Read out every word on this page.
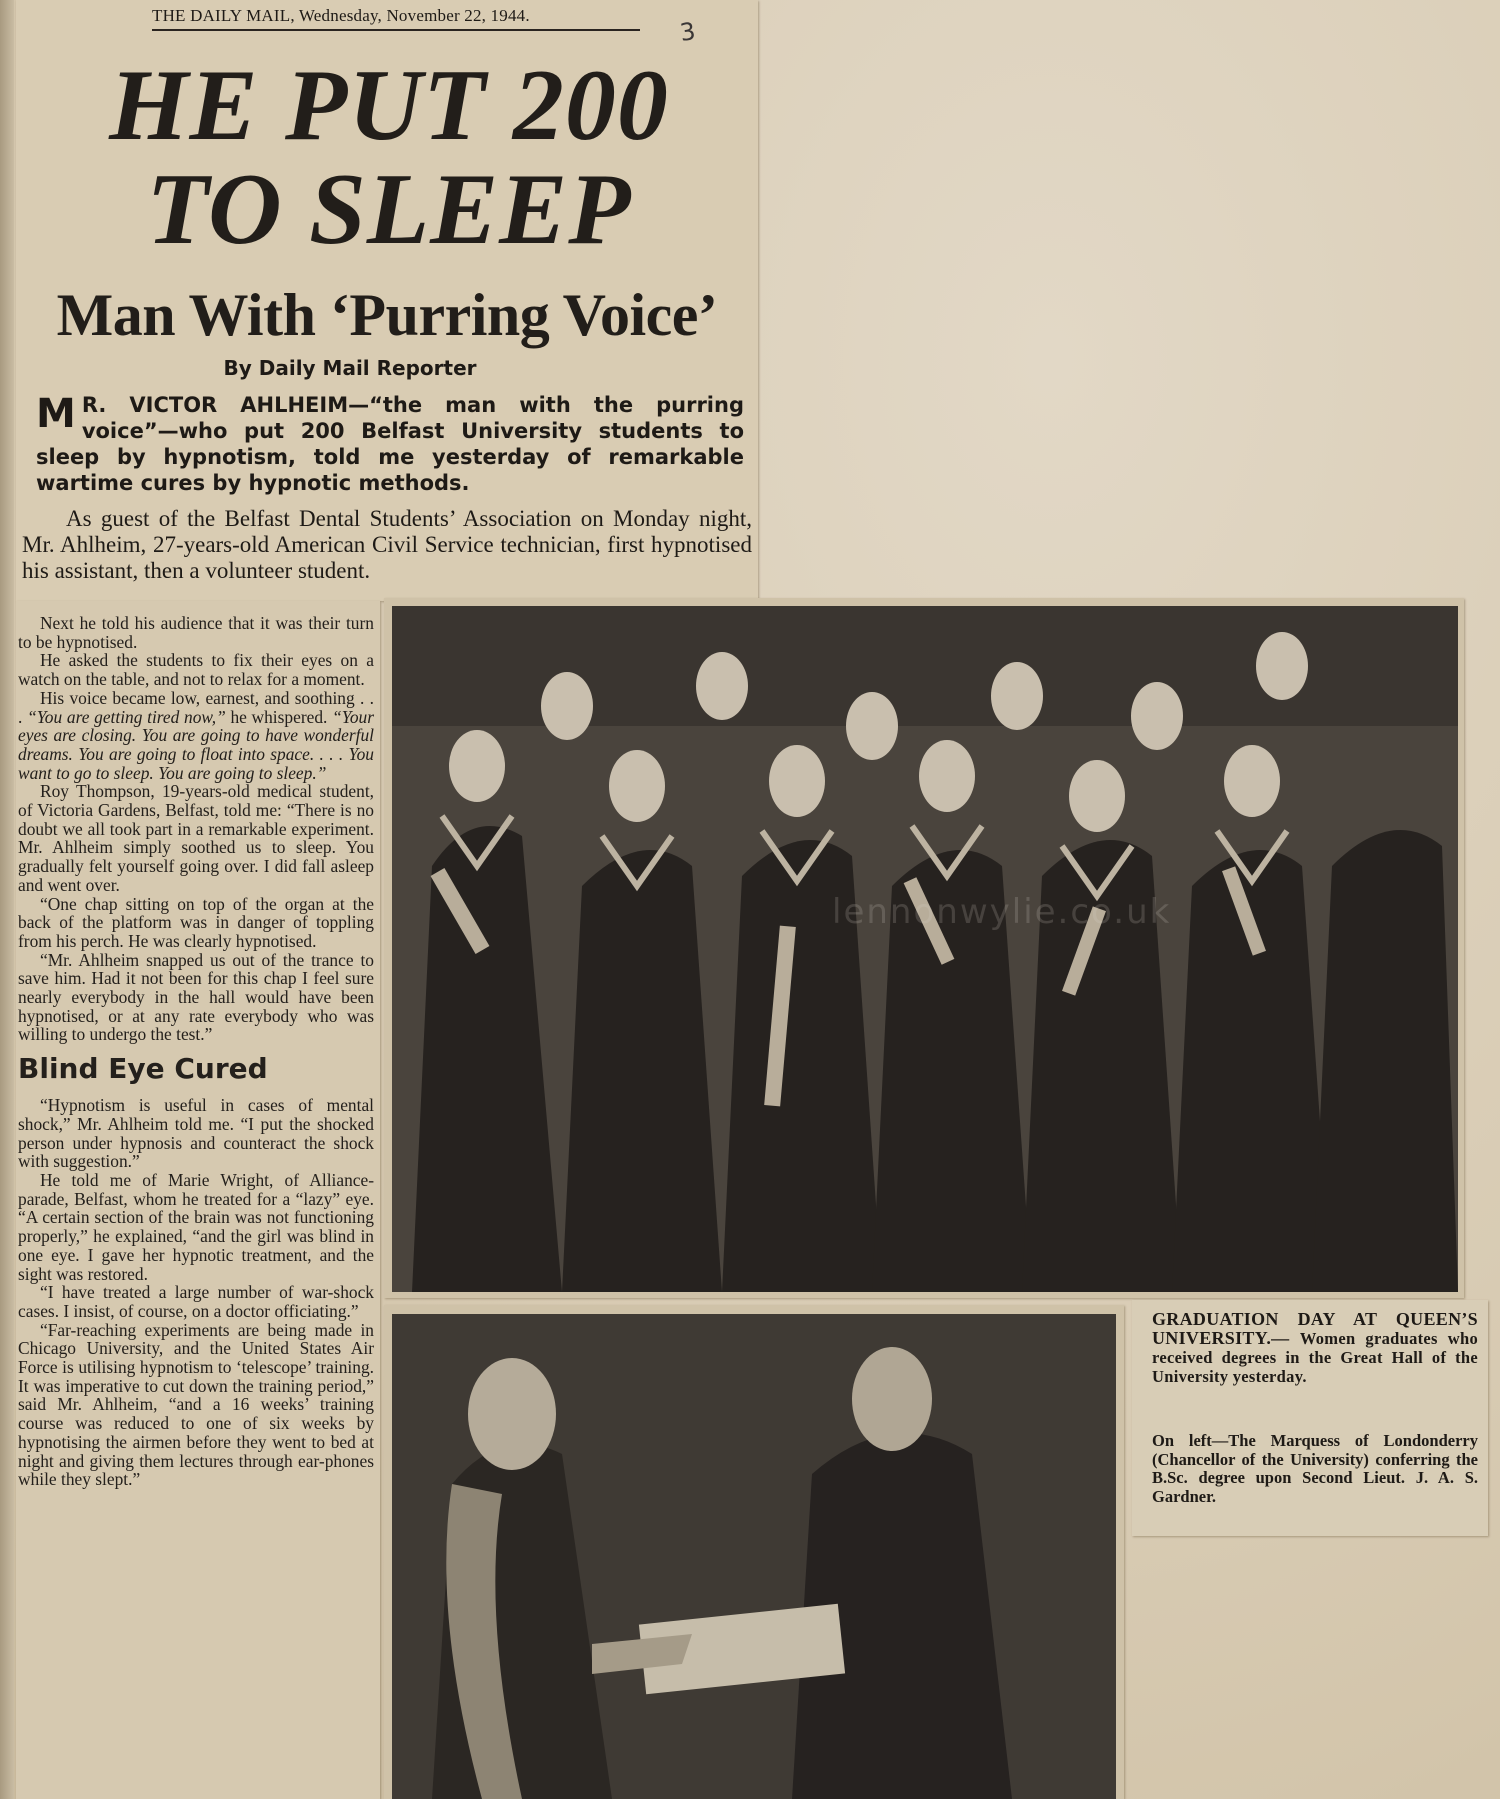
THE DAILY MAIL, Wednesday, November 22, 1944.
3
HE PUT 200
TO SLEEP
Man With ‘Purring Voice’
By Daily Mail Reporter

M R. VICTOR AHLHEIM—“the man with the purring voice”—who put 200 Belfast University students to sleep by hypnotism, told me yesterday of remarkable wartime cures by hypnotic methods.

As guest of the Belfast Dental Students’ Association on Monday night, Mr. Ahlheim, 27-years-old American Civil Service technician, first hypnotised his assistant, then a volunteer student.

Next he told his audience that it was their turn to be hypnotised.

He asked the students to fix their eyes on a watch on the table, and not to relax for a moment.

His voice became low, earnest, and soothing . . . “You are getting tired now,” he whispered. “Your eyes are closing. You are going to have wonderful dreams. You are going to float into space. . . . You want to go to sleep. You are going to sleep.”

Roy Thompson, 19-years-old medical student, of Victoria Gardens, Belfast, told me: “There is no doubt we all took part in a remarkable experiment. Mr. Ahlheim simply soothed us to sleep. You gradually felt yourself going over. I did fall asleep and went over.

“One chap sitting on top of the organ at the back of the platform was in danger of toppling from his perch. He was clearly hypnotised.

“Mr. Ahlheim snapped us out of the trance to save him. Had it not been for this chap I feel sure nearly everybody in the hall would have been hypnotised, or at any rate everybody who was willing to undergo the test.”

Blind Eye Cured

“Hypnotism is useful in cases of mental shock,” Mr. Ahlheim told me. “I put the shocked person under hypnosis and counteract the shock with suggestion.”

He told me of Marie Wright, of Alliance-parade, Belfast, whom he treated for a “lazy” eye. “A certain section of the brain was not functioning properly,” he explained, “and the girl was blind in one eye. I gave her hypnotic treatment, and the sight was restored.

“I have treated a large number of war-shock cases. I insist, of course, on a doctor officiating.”

“Far-reaching experiments are being made in Chicago University, and the United States Air Force is utilising hypnotism to ‘telescope’ training. It was imperative to cut down the training period,” said Mr. Ahlheim, “and a 16 weeks’ training course was reduced to one of six weeks by hypnotising the airmen before they went to bed at night and giving them lectures through ear-phones while they slept.”

lennonwylie.co.uk
GRADUATION DAY AT QUEEN’S UNIVERSITY.— Women graduates who received degrees in the Great Hall of the University yesterday.
On left—The Marquess of Londonderry (Chancellor of the University) conferring the B.Sc. degree upon Second Lieut. J. A. S. Gardner.
